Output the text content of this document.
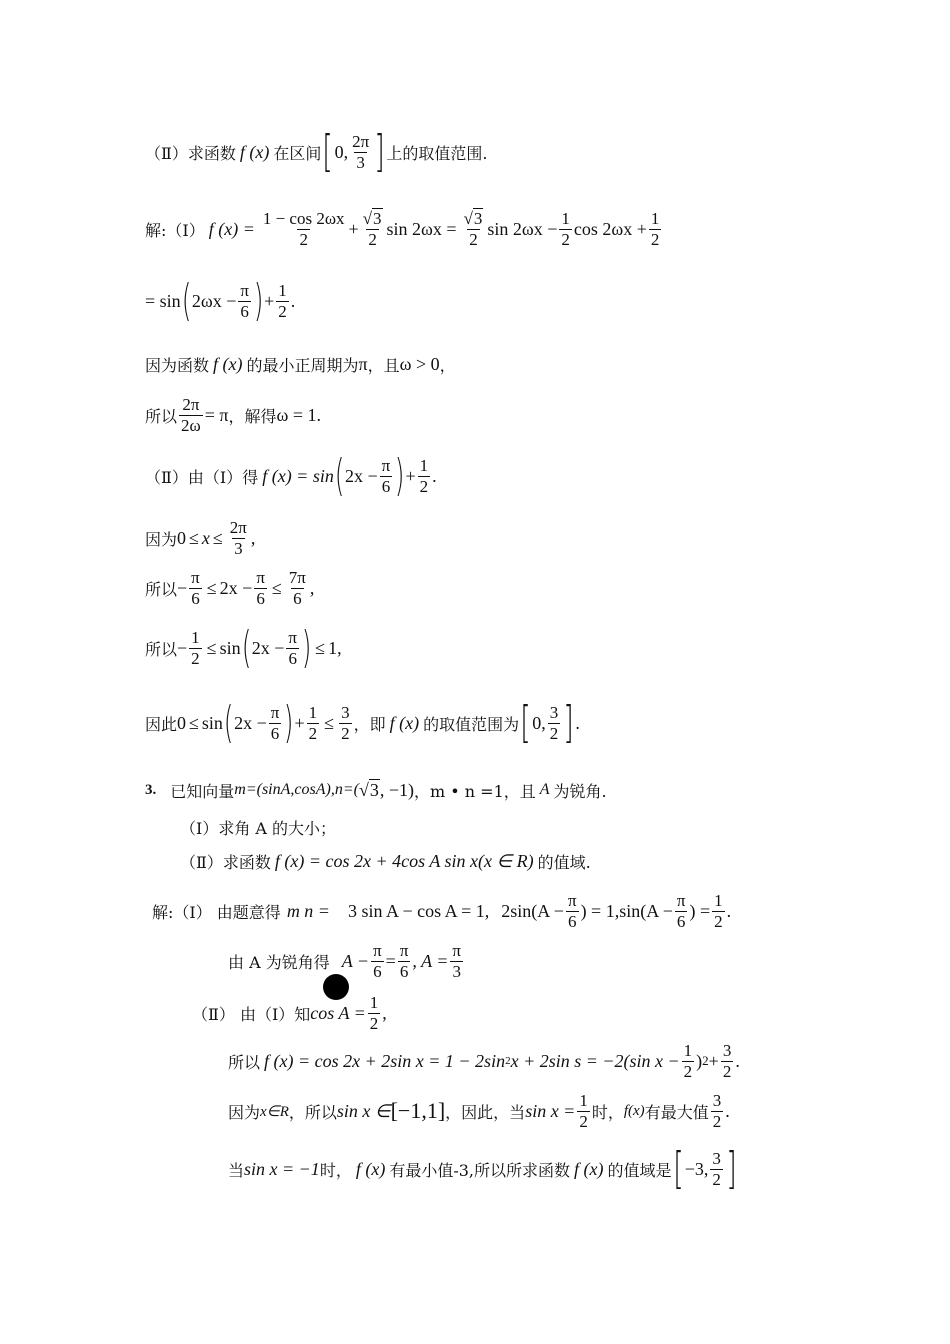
（Ⅱ）求函数 f (x) 在区间 [ 0, $\frac{2\pi}{3}$ ] 上的取值范围.
解:（Ⅰ） f $(x) = \frac{1 - \cos 2\omega x}{2} + \frac{√3}{2}$ $\sin 2\omega x = \frac{√3}{2}$ $\sin 2\omega x - \frac{1}{2}$ $\cos 2\omega x + \frac{1}{2}$
= sin ( $2\omega x - \frac{\pi}{6}$ ) + $\frac{1}{2}$ .
因为函数 f (x) 的最小正周期为 π ，且 ω > 0 ，
所以 $\frac{2\pi}{2\omega} = \pi$ ，解得 ω = 1 .
（Ⅱ）由（Ⅰ）得 f (x) = sin ( $2x - \frac{\pi}{6}$ ) + $\frac{1}{2}$ .
因为 $0 \le x \le \frac{2\pi}{3}$ ,
所以 − $\frac{\pi}{6} \le 2x - \frac{\pi}{6} \le \frac{7\pi}{6}$ ,
所以 − $\frac{1}{2} \le \sin$ ( $2x - \frac{\pi}{6}$ ) ≤ 1 ,
因此 0 ≤ sin ( $2x - \frac{\pi}{6}$ ) + $\frac{1}{2} \le \frac{3}{2}$ ，即 f (x) 的取值范围为 [ 0, $\frac{3}{2}$ ] .
3. 已知向量 m=(sinA,cosA),n=( √3 , −1) ，m • n =1，且 A 为锐角.
（Ⅰ）求角 A 的大小；
（Ⅱ）求函数 f (x) = cos 2x + 4cos A sin x(x ∈ R) 的值域.
解:（Ⅰ） 由题意得 m n = 3 sin A − cos A = 1, $2\sin(A - \frac{\pi}{6}$ ) = $1,\sin(A - \frac{\pi}{6}$ ) = $\frac{1}{2}$ .
由 A 为锐角得 $A - \frac{\pi}{6} = \frac{\pi}{6}$ , $A = \frac{\pi}{3}$
（Ⅱ） 由（Ⅰ）知 $\cos A = \frac{1}{2}$ ,
所以 f (x) = cos 2x + 2sin x = 1 − 2sin 2 x + 2sin s = −2(sin $x - \frac{1}{2}$ ) $2 + \frac{3}{2}$ .
因为 x∈R ，所以 sin x ∈ [−1,1] ，因此，当 $\sin x = \frac{1}{2}$ 时， f(x) 有最大值 $\frac{3}{2}$ .
当 sin x = −1 时， f (x) 有最小值-3, 所以所求函数 f (x) 的值域是 [ −3, $\frac{3}{2}$ ]
